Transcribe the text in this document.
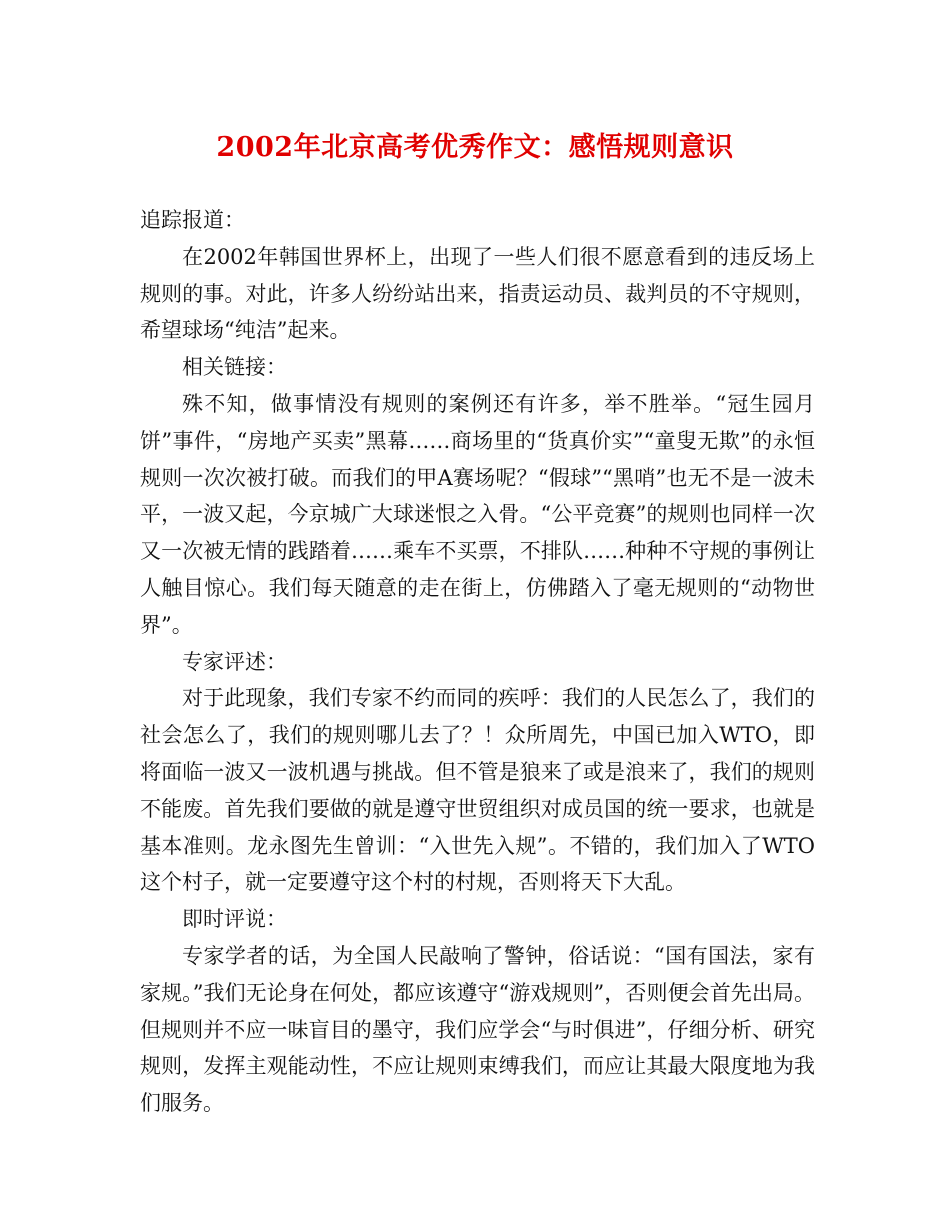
2002年北京高考优秀作文：感悟规则意识

追踪报道：

在2002年韩国世界杯上，出现了一些人们很不愿意看到的违反场上规则的事。对此，许多人纷纷站出来，指责运动员、裁判员的不守规则，希望球场“纯洁”起来。

相关链接：

殊不知，做事情没有规则的案例还有许多，举不胜举。“冠生园月饼”事件，“房地产买卖”黑幕……商场里的“货真价实”“童叟无欺”的永恒规则一次次被打破。而我们的甲A赛场呢？“假球”“黑哨”也无不是一波未平，一波又起，今京城广大球迷恨之入骨。“公平竞赛”的规则也同样一次又一次被无情的践踏着……乘车不买票，不排队……种种不守规的事例让人触目惊心。我们每天随意的走在街上，仿佛踏入了毫无规则的“动物世界”。

专家评述：

对于此现象，我们专家不约而同的疾呼：我们的人民怎么了，我们的社会怎么了，我们的规则哪儿去了？！众所周先，中国已加入WTO，即将面临一波又一波机遇与挑战。但不管是狼来了或是浪来了，我们的规则不能废。首先我们要做的就是遵守世贸组织对成员国的统一要求，也就是基本准则。龙永图先生曾训：“入世先入规”。不错的，我们加入了WTO这个村子，就一定要遵守这个村的村规，否则将天下大乱。

即时评说：

专家学者的话，为全国人民敲响了警钟，俗话说：“国有国法，家有家规。”我们无论身在何处，都应该遵守“游戏规则”，否则便会首先出局。但规则并不应一味盲目的墨守，我们应学会“与时俱进”，仔细分析、研究规则，发挥主观能动性，不应让规则束缚我们，而应让其最大限度地为我们服务。
